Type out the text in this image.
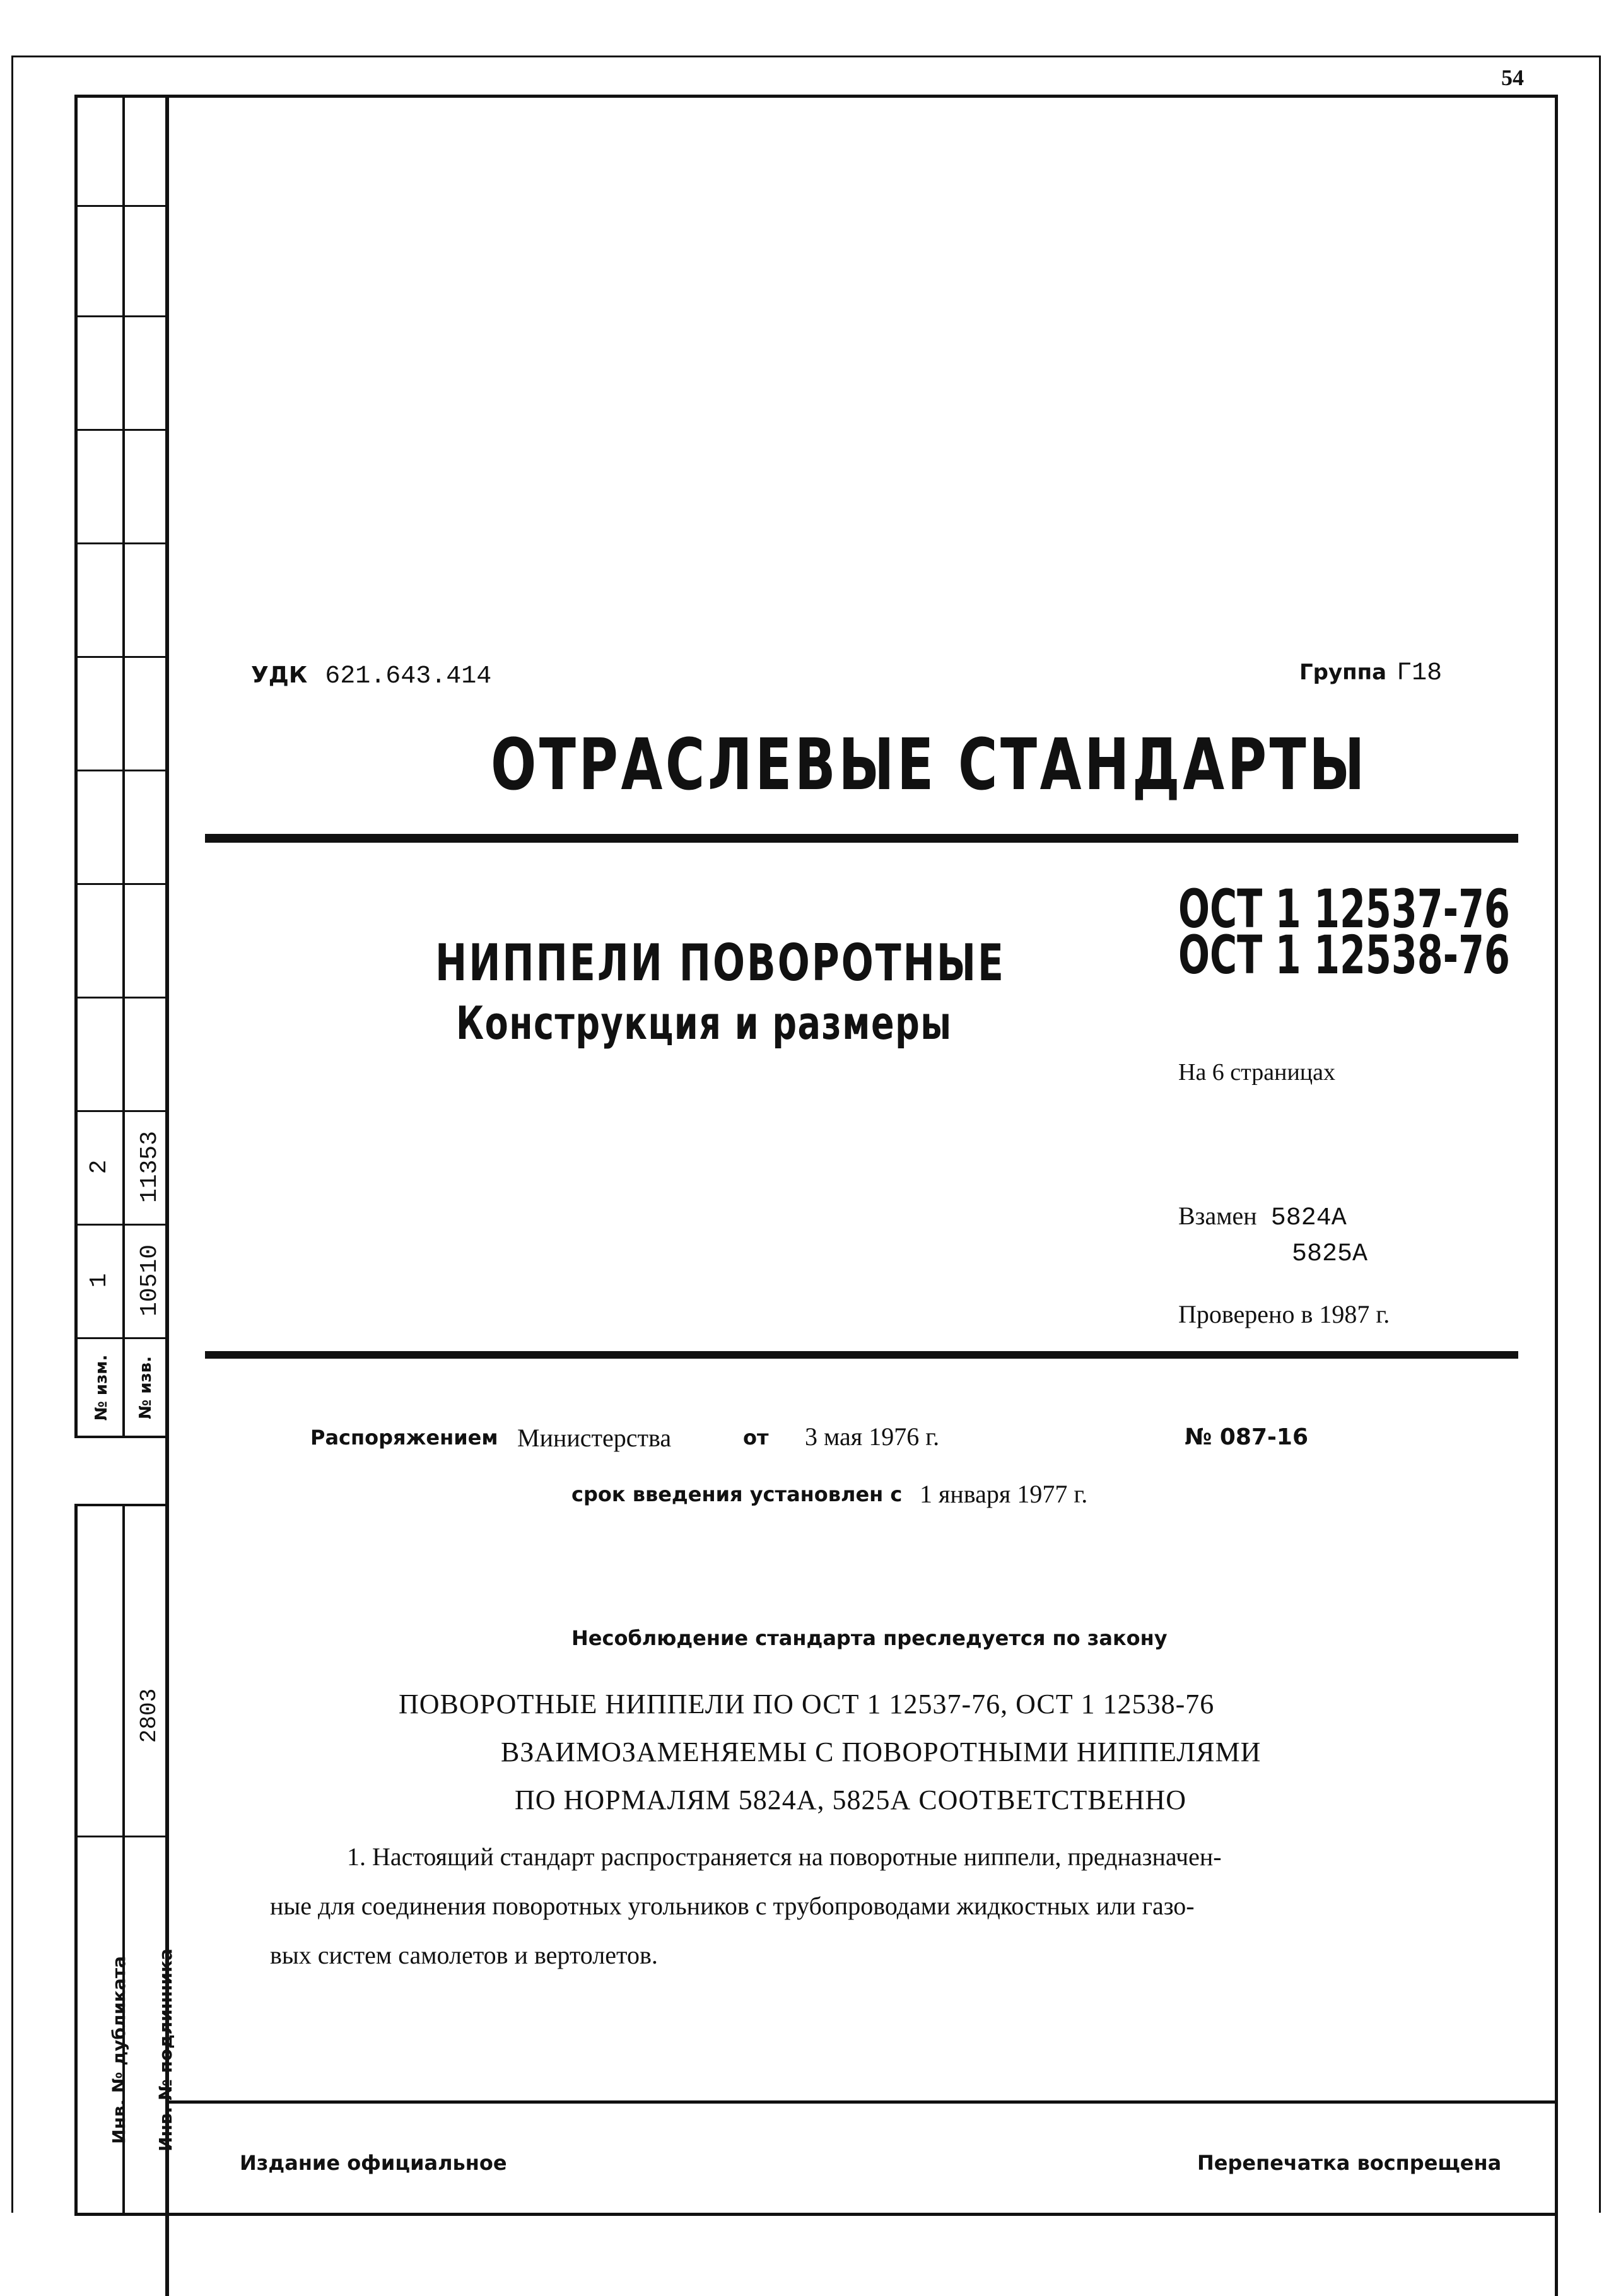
54
2 11353
1 10510
№ изм.	№ изв.
2803
Инв. № дубликата Инв. № подлинника
УДК 621.643.414	Группа Г18
ОТРАСЛЕВЫЕ СТАНДАРТЫ
НИППЕЛИ ПОВОРОТНЫЕ
Конструкция и размеры
ОСТ 1 12537-76
ОСТ 1 12538-76
На 6 страницах
Взамен 5824А
5825А
Проверено в 1987 г.
Распоряжением Министерства	от 3 мая 1976 г.	№ 087-16
срок введения установлен с 1 января 1977 г.
Несоблюдение стандарта преследуется по закону
ПОВОРОТНЫЕ НИППЕЛИ ПО ОСТ 1 12537-76, ОСТ 1 12538-76
ВЗАИМОЗАМЕНЯЕМЫ С ПОВОРОТНЫМИ НИППЕЛЯМИ
ПО НОРМАЛЯМ 5824А, 5825А СООТВЕТСТВЕННО
1. Настоящий стандарт распространяется на поворотные ниппели, предназначен-
ные для соединения поворотных угольников с трубопроводами жидкостных или газо-
вых систем самолетов и вертолетов.
Издание официальное	Перепечатка воспрещена
